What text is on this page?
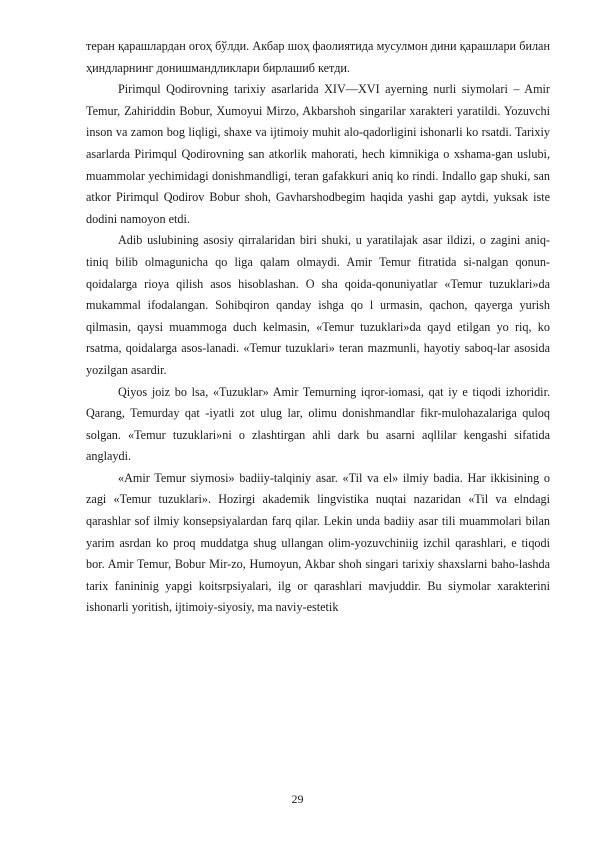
теран қарашлардан огоҳ бўлди. Акбар шоҳ фаолиятида мусулмон дини қарашлари билан ҳиндларнинг донишмандликлари бирлашиб кетди.

Pirimqul Qodirovning tarixiy asarlarida XIV—XVI ayerning nurli siymolari – Amir Temur, Zahiriddin Bobur, Xumoyui Mirzo, Akbarshoh singarilar xarakteri yaratildi. Yozuvchi inson va zamon bog liqligi, shaxe va ijtimoiy muhit alo-qadorligini ishonarli ko rsatdi. Tarixiy asarlarda Pirimqul Qodirovning san atkorlik mahorati, hech kimnikiga o xshama-gan uslubi, muammolar yechimidagi donishmandligi, teran gafakkuri aniq ko rindi. Indallo gap shuki, san atkor Pirimqul Qodirov Bobur shoh, Gavharshodbegim haqida yashi gap aytdi, yuksak iste dodini namoyon etdi.

Adib uslubining asosiy qirralaridan biri shuki, u yaratilajak asar ildizi, o zagini aniq-tiniq bilib olmagunicha qo liga qalam olmaydi. Amir Temur fitratida si-nalgan qonun-qoidalarga rioya qilish asos hisoblashan. O sha qoida-qonuniyatlar «Temur tuzuklari»da mukammal ifodalangan. Sohibqiron qanday ishga qo l urmasin, qachon, qayerga yurish qilmasin, qaysi muammoga duch kelmasin, «Temur tuzuklari»da qayd etilgan yo riq, ko rsatma, qoidalarga asos-lanadi. «Temur tuzuklari» teran mazmunli, hayotiy saboq-lar asosida yozilgan asardir.

Qiyos joiz bo lsa, «Tuzuklar» Amir Temurning iqror-iomasi, qat iy e tiqodi izhoridir. Qarang, Temurday qat -iyatli zot ulug lar, olimu donishmandlar fikr-mulohazalariga quloq solgan. «Temur tuzuklari»ni o zlashtirgan ahli dark bu asarni aqllilar kengashi sifatida anglaydi.

«Amir Temur siymosi» badiiy-talqiniy asar. «Til va el» ilmiy badia. Har ikkisining o zagi «Temur tuzuklari». Hozirgi akademik lingvistika nuqtai nazaridan «Til va elndagi qarashlar sof ilmiy konsepsiyalardan farq qilar. Lekin unda badiiy asar tili muammolari bilan yarim asrdan ko proq muddatga shug ullangan olim-yozuvchiniig izchil qarashlari, e tiqodi bor. Amir Temur, Bobur Mir-zo, Humoyun, Akbar shoh singari tarixiy shaxslarni baho-lashda tarix fanininig yapgi koitsrpsiyalari, ilg or qarashlari mavjuddir. Bu siymolar xarakterini ishonarli yoritish, ijtimoiy-siyosiy, ma naviy-estetik

29
